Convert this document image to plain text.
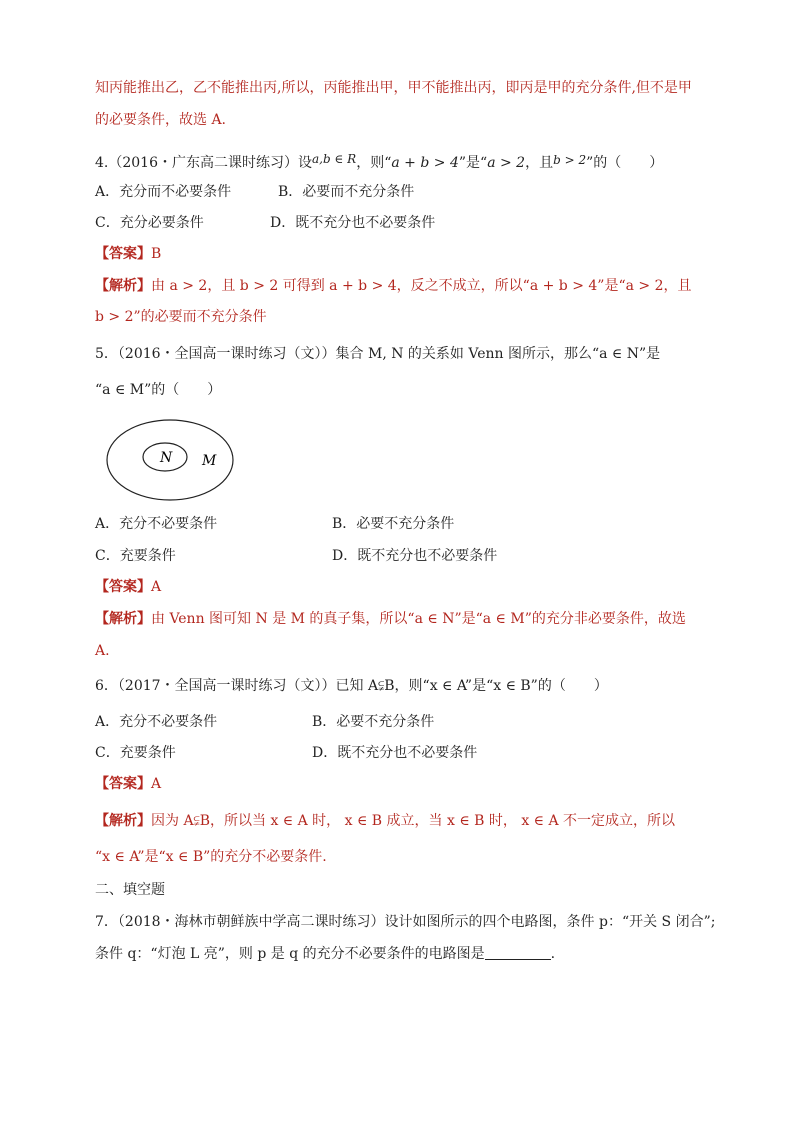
知丙能推出乙，乙不能推出丙,所以，丙能推出甲，甲不能推出丙，即丙是甲的充分条件,但不是甲
的必要条件，故选 A.
4.（2016・广东高二课时练习）设a,b ∈ R，则“a + b > 4”是“a > 2，且b > 2”的（　　）
A．充分而不必要条件	B．必要而不充分条件
C．充分必要条件	D．既不充分也不必要条件
【答案】B
【解析】由 a > 2，且 b > 2 可得到 a + b > 4，反之不成立，所以“a + b > 4”是“a > 2，且
b > 2”的必要而不充分条件
5．（2016・全国高一课时练习（文））集合 M, N 的关系如 Venn 图所示，那么“a ∈ N”是
“a ∈ M”的（　　）
N M
A．充分不必要条件	B．必要不充分条件
C．充要条件	D．既不充分也不必要条件
【答案】A
【解析】由 Venn 图可知 N 是 M 的真子集，所以“a ∈ N”是“a ∈ M”的充分非必要条件，故选
A.
6．（2017・全国高一课时练习（文））已知 A⫋B，则“x ∈ A”是“x ∈ B”的（　　）
A．充分不必要条件	B．必要不充分条件
C．充要条件	D．既不充分也不必要条件
【答案】A
【解析】因为 A⫋B，所以当 x ∈ A 时， x ∈ B 成立，当 x ∈ B 时， x ∈ A 不一定成立，所以
“x ∈ A”是“x ∈ B”的充分不必要条件.
二、填空题
7．（2018・海林市朝鲜族中学高二课时练习）设计如图所示的四个电路图，条件 p：“开关 S 闭合”;
条件 q：“灯泡 L 亮”，则 p 是 q 的充分不必要条件的电路图是	.
